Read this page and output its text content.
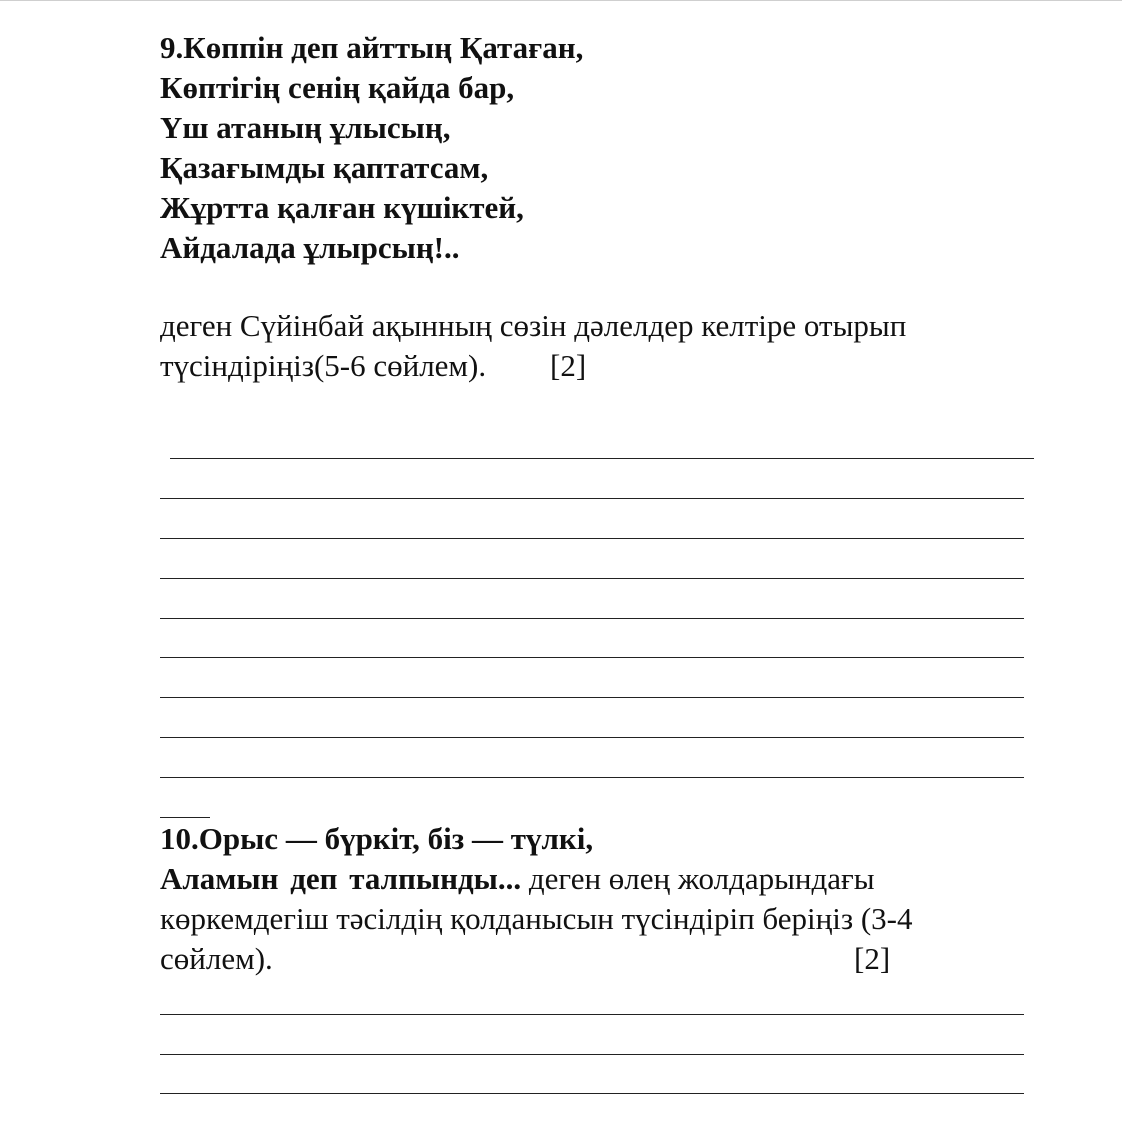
9.Көппін деп айттың Қатаған,
Көптігің сенің қайда бар,
Үш атаның ұлысың,
Қазағымды қаптатсам,
Жұртта қалған күшіктей,
Айдалада ұлырсың!..
деген Сүйінбай ақынның сөзін дәлелдер келтіре отырып
түсіндіріңіз(5-6 сөйлем). [2]
10.Орыс — бүркіт, біз — түлкі,
Аламын деп талпынды... деген өлең жолдарындағы
көркемдегіш тәсілдің қолданысын түсіндіріп беріңіз (3-4
сөйлем).	[2]
